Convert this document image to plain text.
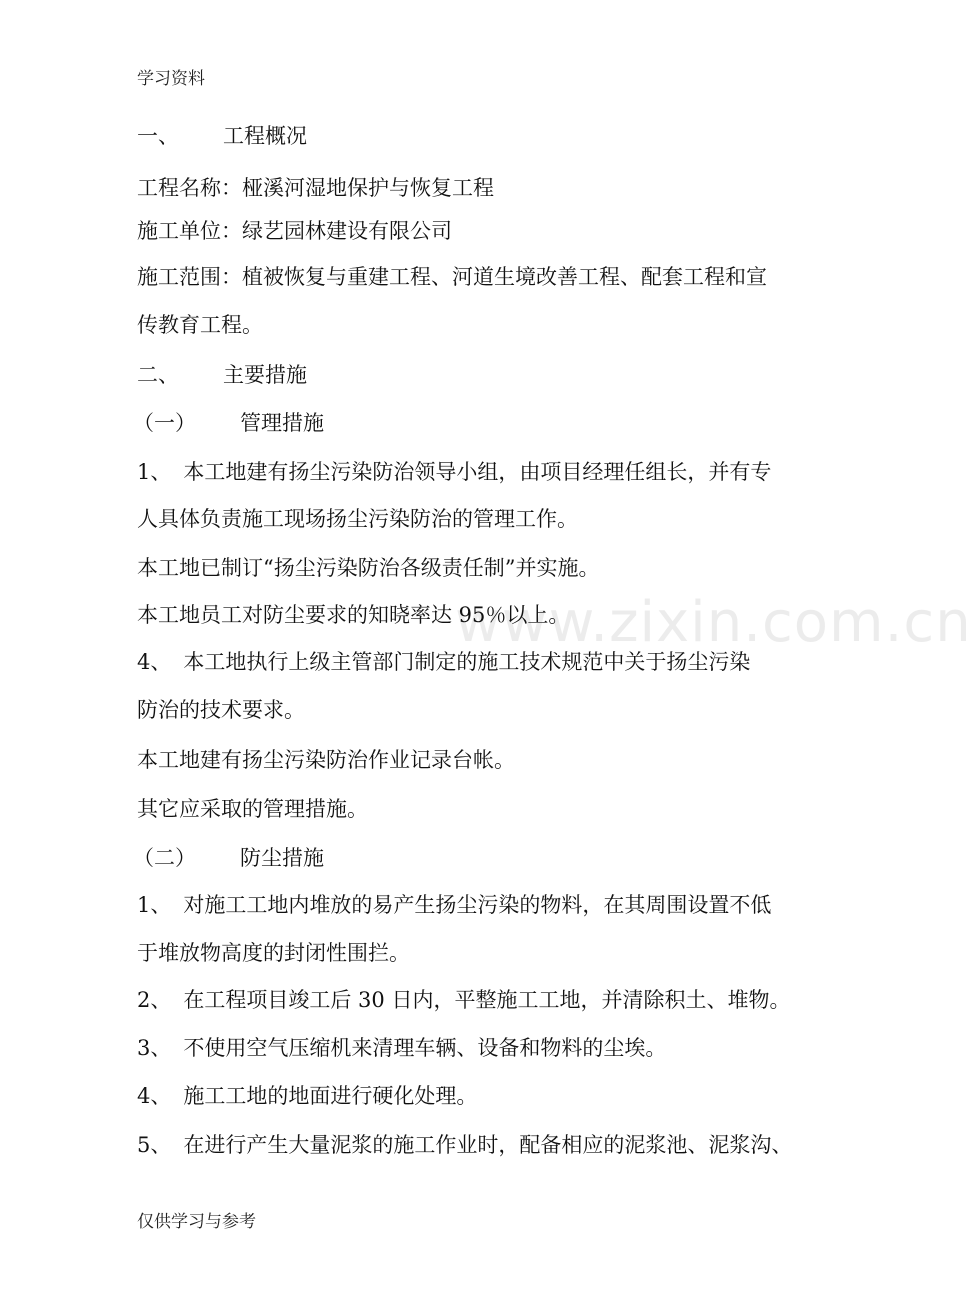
学习资料
www.zixin.com.cn
一、 工程概况
工程名称：桠溪河湿地保护与恢复工程
施工单位：绿艺园林建设有限公司
施工范围：植被恢复与重建工程、河道生境改善工程、配套工程和宣
传教育工程。
二、 主要措施
（一） 管理措施
1、 本工地建有扬尘污染防治领导小组，由项目经理任组长，并有专
人具体负责施工现场扬尘污染防治的管理工作。
本工地已制订“扬尘污染防治各级责任制”并实施。
本工地员工对防尘要求的知晓率达 95％以上。
4、 本工地执行上级主管部门制定的施工技术规范中关于扬尘污染
防治的技术要求。
本工地建有扬尘污染防治作业记录台帐。
其它应采取的管理措施。
（二） 防尘措施
1、 对施工工地内堆放的易产生扬尘污染的物料，在其周围设置不低
于堆放物高度的封闭性围拦。
2、 在工程项目竣工后 30 日内，平整施工工地，并清除积土、堆物。
3、 不使用空气压缩机来清理车辆、设备和物料的尘埃。
4、 施工工地的地面进行硬化处理。
5、 在进行产生大量泥浆的施工作业时，配备相应的泥浆池、泥浆沟、
仅供学习与参考
